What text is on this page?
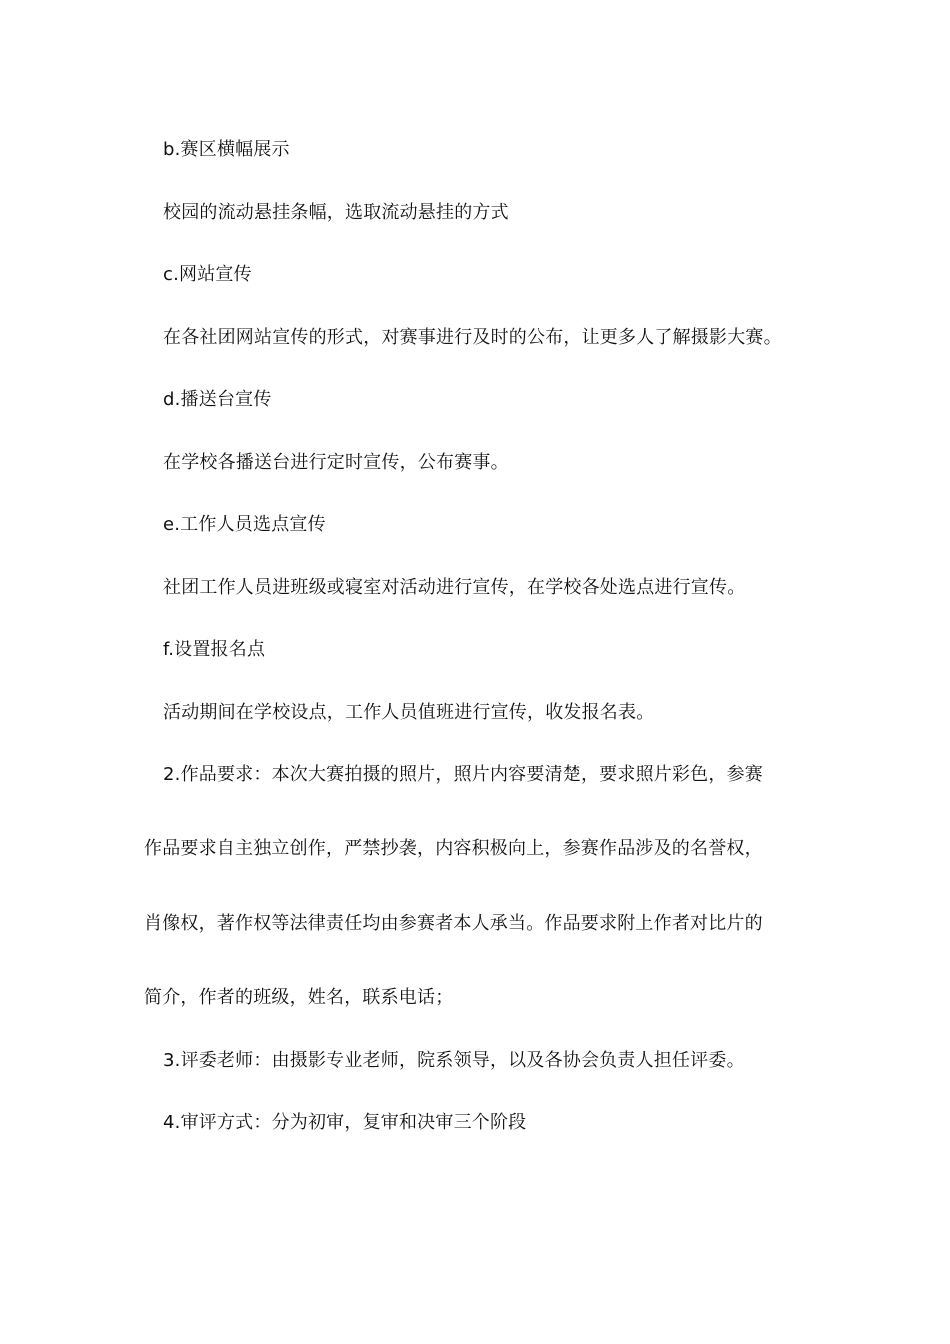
b.赛区横幅展示
校园的流动悬挂条幅，选取流动悬挂的方式
c.网站宣传
在各社团网站宣传的形式，对赛事进行及时的公布，让更多人了解摄影大赛。
d.播送台宣传
在学校各播送台进行定时宣传，公布赛事。
e.工作人员选点宣传
社团工作人员进班级或寝室对活动进行宣传，在学校各处选点进行宣传。
f.设置报名点
活动期间在学校设点，工作人员值班进行宣传，收发报名表。
2.作品要求：本次大赛拍摄的照片，照片内容要清楚，要求照片彩色，参赛
作品要求自主独立创作，严禁抄袭，内容积极向上，参赛作品涉及的名誉权，
肖像权，著作权等法律责任均由参赛者本人承当。作品要求附上作者对比片的
简介，作者的班级，姓名，联系电话；
3.评委老师：由摄影专业老师，院系领导，以及各协会负责人担任评委。
4.审评方式：分为初审，复审和决审三个阶段
